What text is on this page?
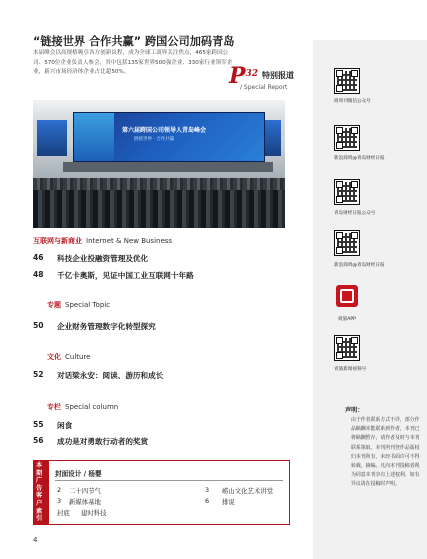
“链接世界 合作共赢” 跨国公司加码青岛
本届峰会以高规格吸引各方创新议程，成为全球工商界关注焦点，465家跨国公司、570位企业负责人参会，其中包括135家世界500强企业、330家行业领军企业，新兴市场经济体企业占比超50%。	$P^{32}$ 特别报道
/ Special Report
第六届跨国公司领导人青岛峰会
链接世界 · 合作共赢
互联网与新商业 Internet & New Business
46 科技企业投融资管理及优化
48 千亿卡奥斯，见证中国工业互联网十年路
专题 Special Topic
50 企业财务管理数字化转型探究
文化 Culture
52 对话梁永安：阅读、游历和成长
专栏 Special column
55 闲食
56 成功是对勇敢行动者的奖赏
本期广告客户索引
封面设计 / 杨婴
2 二十四节气	3 崂山文化艺术讲堂
3 新媒体基地	6 排说
封底 建时科技
4
商周刊微信公众号
新浪商周@青岛财经日报
青岛财经日报公众号
新浪商周@青岛财经日报
商旅APP
青旅新闻视频号
声明：
由于作者联系方式不详，部分作品稿酬未能联系到作者，本刊已将稿酬暂存，请作者及时与本刊联系领取。本刊所刊登作品版权归本刊所有，未经书面许可不得转载、摘编。凡向本刊投稿者视为同意本刊享有上述权利，如有异议请在投稿时声明。
